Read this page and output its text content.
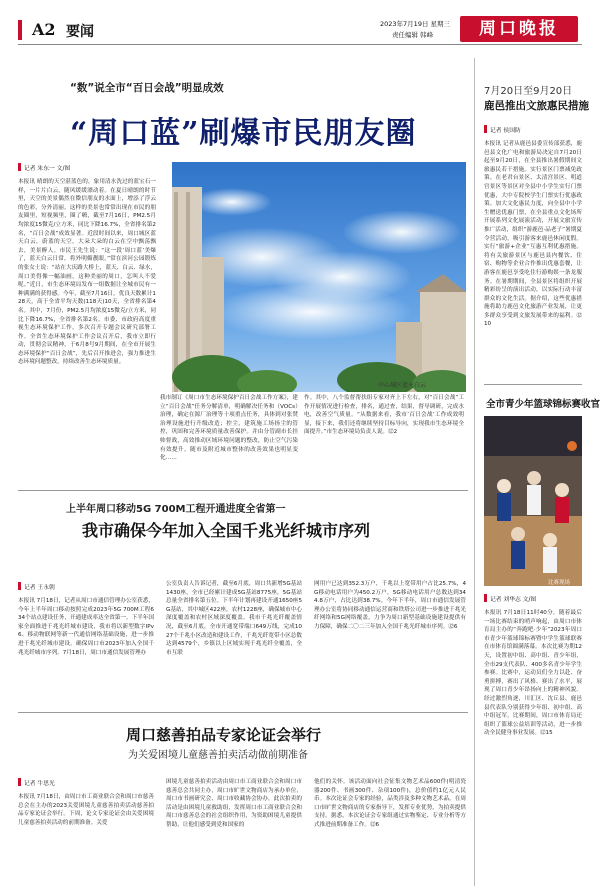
A2 要闻	2023年7月19日 星期三
责任编辑 韩峰	周口晚报
“数”说全市“百日会战”明显成效
“周口蓝”刷爆市民朋友圈
记者 朱东一 文/图
本报讯 晴朗的天空湛蓝色的，象用清水洗过的蓝宝石一样，一片片白云，随风缓缓漂动着。在夏日晴朗的时节里，天空的美景偶然在微信朋友的水面上，增添了浮云的色彩，分外清丽。这样的美景也常常出现在市民的朋友圈里，短视频里，圈了嗨，截至7月16日，PM2.5月均浓度15微克/立方米，同比下降16.7%，全省排名第2名，“百日会战”成效显著。近段时间以来，周口城区蓝天白云，蔚蓝的天空，大朵大朵的白云在空中飘荡飘去，美景醉人。市民王先生说：“这一段‘周口蓝’美爆了，蓝天白云日常，将外明媚靓眼。”常在滨河公园锻炼的张女士说：“站在大庆路大桥上，蓝天、白云、绿水，周口美得像一幅油画，这种美丽的周口，怎叫人不爱呢。”近日，市生态环境局发布一组数据让全城市民有一种满满的获得感。今年，截至7月16日，优良天数累计128天，高于全省平均天数(118天)10天，全省排名第4名。其中，7月份，PM2.5月均浓度15微克/立方米，同比下降16.7%，全省排名第2名。市委、市政府高度重视生态环境保护工作，多次召开专题会议研究部署工作。全省生态环境保护工作会议召开后，我市立即行动，贯彻会议精神，于6月8号9月期间，在全市开展生态环境保护“百日会战”，先后召开推进会，强力推进生态环境问题整改，持续改善生态环境质量。
中心城区蓝天白云
我市制订《周口市生态环境保护百日会战工作方案》，建立“百日会战”任务分解清单，明确解决任务和（VOCs）治理，确定在源厂治理等十项重点任务，具体到对张焚治理设施进行升级改造；控尘，建筑施工场扬尘的管控，巩固和完善环境质量改善保护。并由分管副市长挂帅督战，高效推动区域环境问题的整改，防止空气污染有效提升，随市及附近城市整体的改善效果也明显变化……
作。其中，八个监督帮扶组专家对齐上下左右，对“百日会战”工作开展情况进行检查，排名，通过查，结果，督导调研，完成水电，改善空气质量。“从数据来看，我市‘百日会战’工作成效明显，接下来，我们还将继续坚持目标导向，实现我市生态环境全面提升。”市生态环境局负责人说。⑫2
上半年周口移动5G 700M工程开通进度全省第一
我市确保今年加入全国千兆光纤城市序列
记者 王永朝
本报讯 7月18日，记者从周口市通信管理办公室获悉，今年上半年周口移动按照完成2023年5G 700M工程634个站点建设任务，开通建成率达全省第一。下半年国家全面推进千兆光纤城市建设，我市将以新型数字IPv6、移动物联网等新一代通信网络基础设施，进一步推进千兆光纤城市建设。确保周口市2023年加入全国千兆光纤城市序列。7月18日，周口市通信发展管理办
公室负责人告诉记者，截至6月底，周口共新增5G基站1430座，全市已经累计建成5G基站8775座，5G基站总量全省排名第五位。下半年计划再建设开通1650座5G基站，其中城区422座，农村1228座，确保城市中心深度覆盖和农村区域深度覆盖。我市千兆光纤覆盖情况，截至6月底，全市开通宽带端口649万线，完成1027个千兆小区改造和建设工作，千兆光纤宽带小区总数达到4579个，乡镇以上区域实现千兆光纤全覆盖，全市互联
网用户已达到352.3万户，千兆以上宽带用户占比25.7%，4G移动电话用户为450.2万户，5G移动电话用户总数达到344.8万户，占比达到38.7%。今年下半年，周口市通信发展管理办公室将协同移动通信运营商和铁塔公司进一步推进千兆光纤网络和5G网络覆盖，力争为周口新型基础设施建设提供有力保障，确保二〇二三年加入全国千兆光纤城市序列。⑫6
周口慈善拍品专家论证会举行
为关爱困境儿童慈善拍卖活动做前期准备
记者 牛思光
本报讯 7月18日，由周口市工商业联合会和周口市慈善总会在主办的2023关爱困境儿童慈善拍卖活动慈善拍品专家论证会举行。下周，论文专家论证会由关爱困境儿童慈善拍卖活动的前期准备。关爱
困境儿童慈善拍卖活动由周口市工商业联合会和周口市慈善总会共同主办，周口市旷世文物商店为承办单位，周口市书画研究会、周口市收藏协会协办。此次拍卖的活动是由困境儿童救助组，发挥周口市工商业联合会和周口市慈善总会的社会组织作用，为资助困境儿童提供帮助，让他们感受到党和国家的
他们的关怀。该活动面向社会征集文物艺术品600件(明清瓷器200件、书画300件、杂项100件)，总价值约1亿元人民币。本次论证会专家的经验，品类涉及多种文物艺术品，在周口市旷世文物商店的专家指导下，发挥专业优势，为拍卖提供支持。据悉，本次论证会专家组通过实物鉴定、专业分析等方式推进前期准备工作。⑫6
7月20日至9月20日
鹿邑推出文旅惠民措施
记者 侯国防
本报讯 记者从鹿邑县委宣传部获悉，鹿邑县文化广电和旅游局决定自7月20日起至9月20日，在全县推出暑假期间文旅惠民若干措施。实行景区门票减免政策。在老君台景区、太清宫景区、明道宫景区等景区对全县中小学生实行门票优惠，大中专院校学生门票实行优惠政策。加大文化惠民力度，向全县中小学生赠送优惠门票，在全县重点文化场所开展系列文化展演活动，开展文旅宣传推广活动，组织“游鹿邑·品老子”暑期夏令营活动，吸引游客来鹿邑休闲度假。实行“旅游+企业”互惠互利优惠措施。将有关旅游景区与鹿邑县内餐饮、住宿、购物等企业合作推出优惠套餐，让游客在鹿邑享受吃住行游购娱一条龙服务。在暑期期间，全县景区将组织开展精彩纷呈的演出活动，以实际行动丰富群众的文化生活。据介绍，这些优惠措施将助力鹿邑文化旅游产业发展，让更多群众享受到文旅发展带来的福利。⑫10
全市青少年篮球锦标赛收官
比赛现场
记者 刘华志 文/图
本报讯 7月18日11时40分，随着最后一场比赛结束的哨声响起，由周口市体育局主办的“奔跑吧·少年”2023年周口市青少年篮球锦标赛暨中学生篮球联赛在市体育馆圆满落幕。本次比赛为期12天，设置初中组、高中组、青少年组，全市29支代表队、400多名青少年学生参赛。比赛中，运动员们全力以赴、奋勇拼搏，赛出了风格、赛出了水平，展现了周口青少年昂扬向上的精神风貌。经过激烈角逐，川汇区、沈丘县、鹿邑县代表队分别获得少年组、初中组、高中组冠军。比赛期间，周口市体育局还组织了篮球公益培训等活动，进一步推动全民健身事业发展。⑫15
